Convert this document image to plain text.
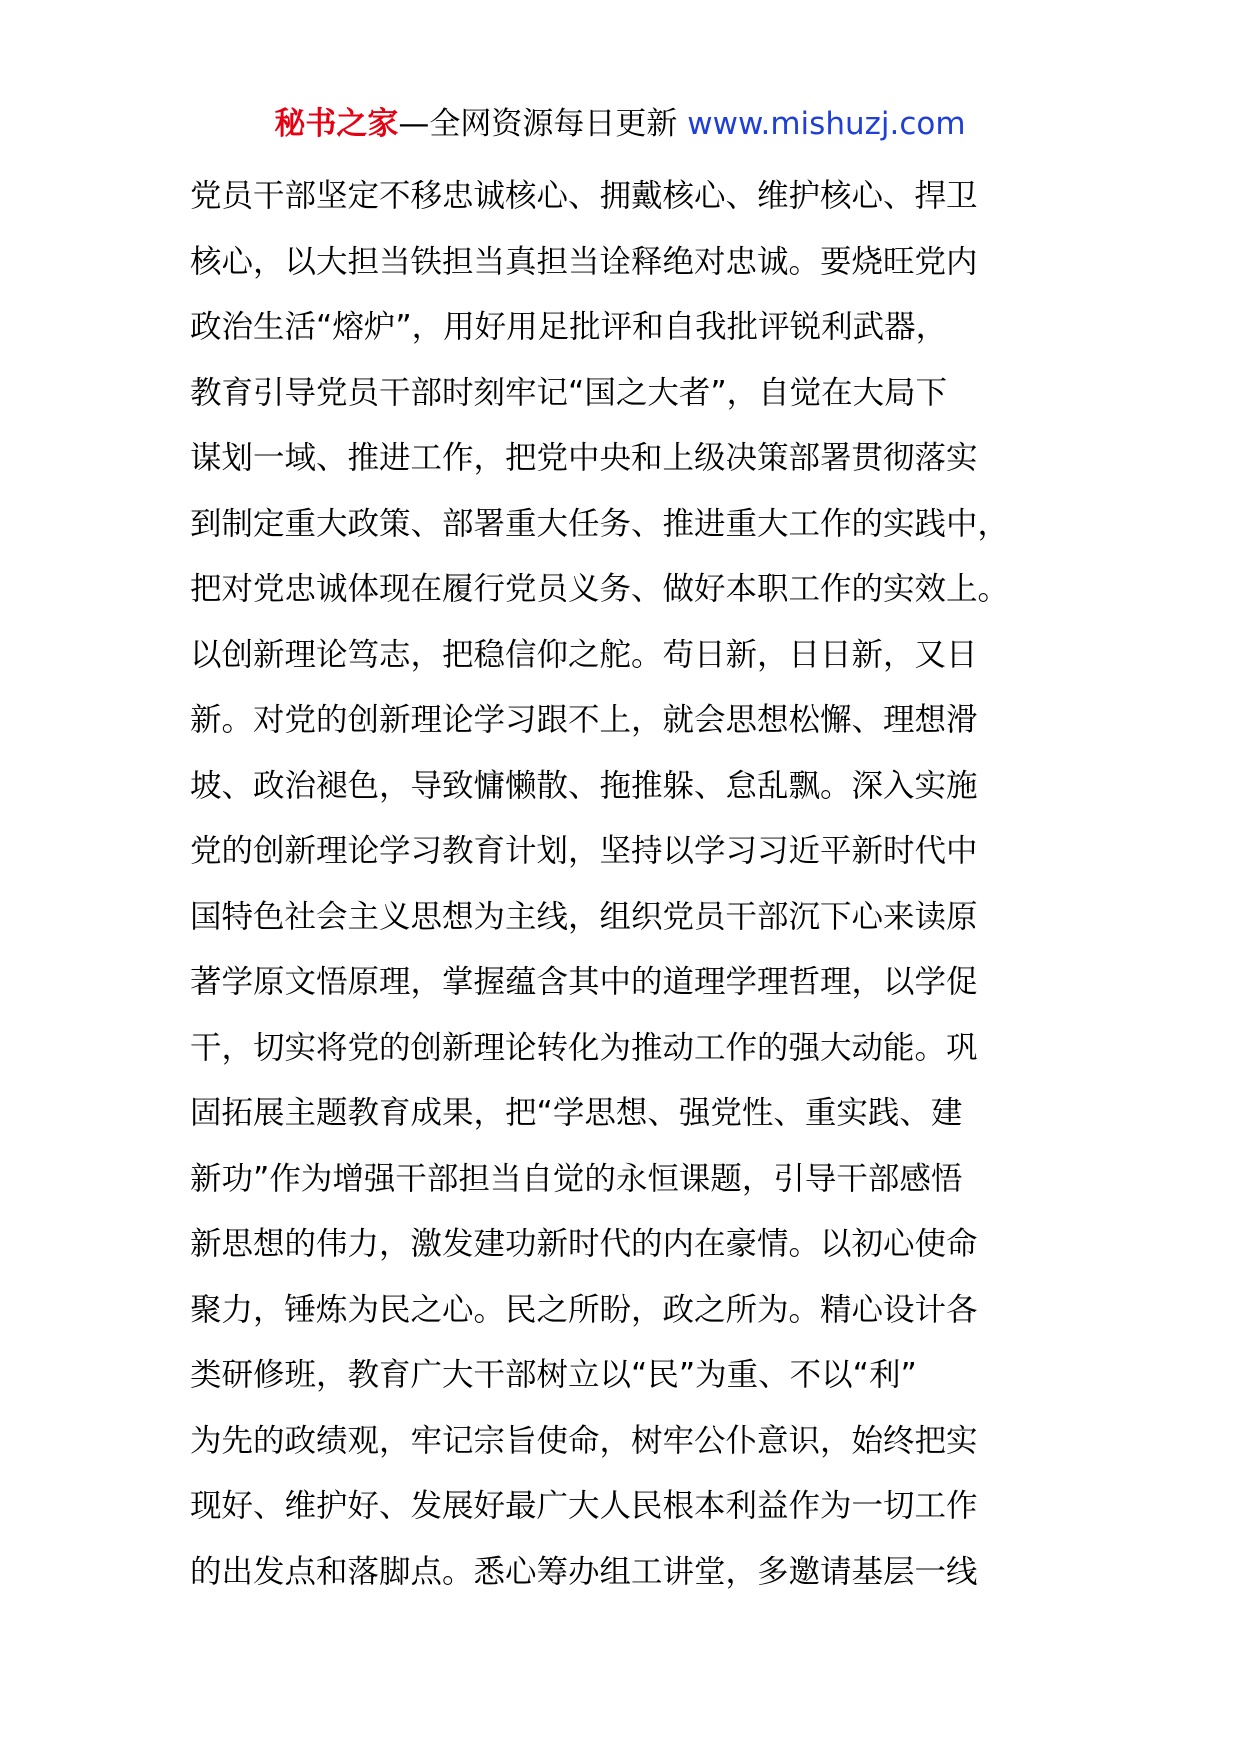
秘书之家—全网资源每日更新 www.mishuzj.com
党员干部坚定不移忠诚核心、拥戴核心、维护核心、捍卫
核心，以大担当铁担当真担当诠释绝对忠诚。要烧旺党内
政治生活“熔炉”，用好用足批评和自我批评锐利武器，
教育引导党员干部时刻牢记“国之大者”，自觉在大局下
谋划一域、推进工作，把党中央和上级决策部署贯彻落实
到制定重大政策、部署重大任务、推进重大工作的实践中，
把对党忠诚体现在履行党员义务、做好本职工作的实效上。
以创新理论笃志，把稳信仰之舵。苟日新，日日新，又日
新。对党的创新理论学习跟不上，就会思想松懈、理想滑
坡、政治褪色，导致慵懒散、拖推躲、怠乱飘。深入实施
党的创新理论学习教育计划，坚持以学习习近平新时代中
国特色社会主义思想为主线，组织党员干部沉下心来读原
著学原文悟原理，掌握蕴含其中的道理学理哲理，以学促
干，切实将党的创新理论转化为推动工作的强大动能。巩
固拓展主题教育成果，把“学思想、强党性、重实践、建
新功”作为增强干部担当自觉的永恒课题，引导干部感悟
新思想的伟力，激发建功新时代的内在豪情。以初心使命
聚力，锤炼为民之心。民之所盼，政之所为。精心设计各
类研修班，教育广大干部树立以“民”为重、不以“利”
为先的政绩观，牢记宗旨使命，树牢公仆意识，始终把实
现好、维护好、发展好最广大人民根本利益作为一切工作
的出发点和落脚点。悉心筹办组工讲堂，多邀请基层一线
